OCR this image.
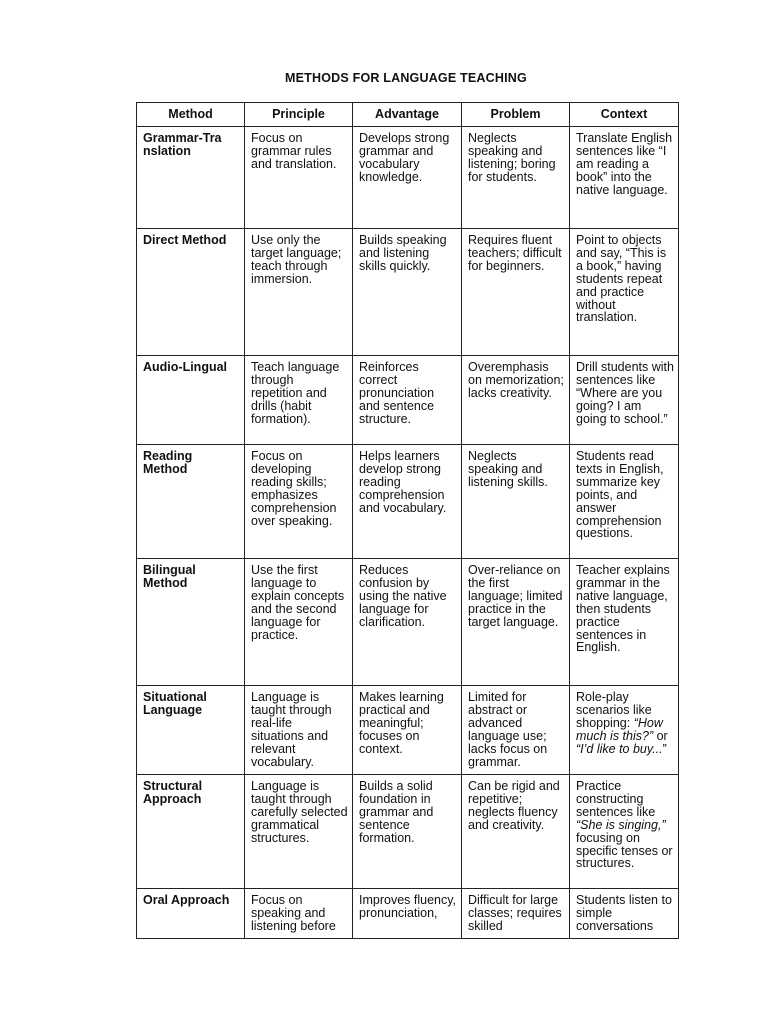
METHODS FOR LANGUAGE TEACHING
Method	Principle	Advantage	Problem	Context
Grammar-Tra nslation	Focus on grammar rules and translation.	Develops strong grammar and vocabulary knowledge.	Neglects speaking and listening; boring for students.	Translate English sentences like “I am reading a book” into the native language.
Direct Method	Use only the target language; teach through immersion.	Builds speaking and listening skills quickly.	Requires fluent teachers; difficult for beginners.	Point to objects and say, “This is a book,” having students repeat and practice without translation.
Audio-Lingual	Teach language through repetition and drills (habit formation).	Reinforces correct pronunciation and sentence structure.	Overemphasis on memorization; lacks creativity.	Drill students with sentences like “Where are you going? I am going to school.”
Reading Method	Focus on developing reading skills; emphasizes comprehension over speaking.	Helps learners develop strong reading comprehension and vocabulary.	Neglects speaking and listening skills.	Students read texts in English, summarize key points, and answer comprehension questions.
Bilingual Method	Use the first language to explain concepts and the second language for practice.	Reduces confusion by using the native language for clarification.	Over-reliance on the first language; limited practice in the target language.	Teacher explains grammar in the native language, then students practice sentences in English.
Situational Language	Language is taught through real-life situations and relevant vocabulary.	Makes learning practical and meaningful; focuses on context.	Limited for abstract or advanced language use; lacks focus on grammar.	Role-play scenarios like shopping: “How much is this?” or “I’d like to buy...”
Structural Approach	Language is taught through carefully selected grammatical structures.	Builds a solid foundation in grammar and sentence formation.	Can be rigid and repetitive; neglects fluency and creativity.	Practice constructing sentences like “She is singing,” focusing on specific tenses or structures.
Oral Approach	Focus on speaking and listening before	Improves fluency, pronunciation,	Difficult for large classes; requires skilled	Students listen to simple conversations
